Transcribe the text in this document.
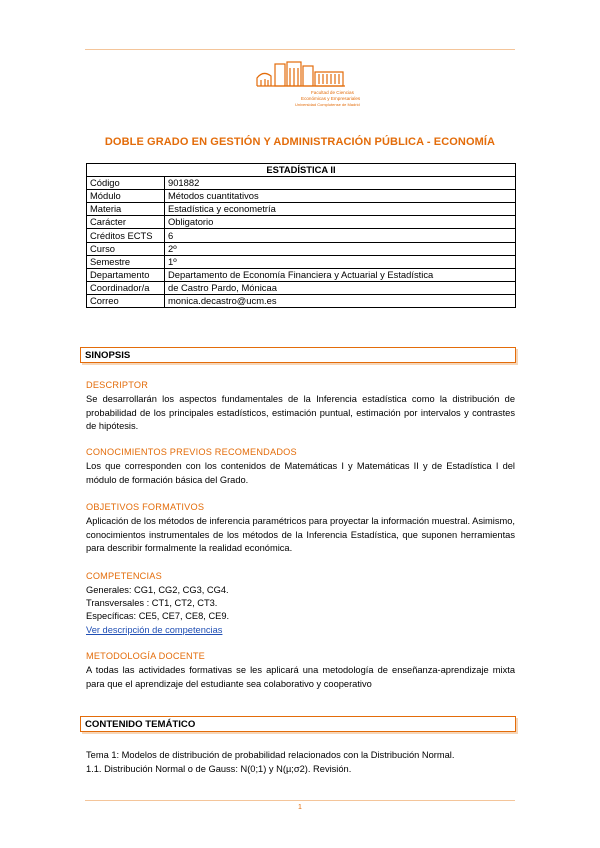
Facultad de Ciencias
Económicas y Empresariales
Universidad Complutense de Madrid
DOBLE GRADO EN GESTIÓN Y ADMINISTRACIÓN PÚBLICA - ECONOMÍA
ESTADÍSTICA II	
Código	901882
Módulo	Métodos cuantitativos
Materia	Estadística y econometría
Carácter	Obligatorio
Créditos ECTS	6
Curso	2º
Semestre	1º
Departamento	Departamento de Economía Financiera y Actuarial y Estadística
Coordinador/a	de Castro Pardo, Mónicaa
Correo	monica.decastro@ucm.es
SINOPSIS
DESCRIPTOR
Se desarrollarán los aspectos fundamentales de la Inferencia estadística como la distribución de probabilidad de los principales estadísticos, estimación puntual, estimación por intervalos y contrastes de hipótesis.
CONOCIMIENTOS PREVIOS RECOMENDADOS
Los que corresponden con los contenidos de Matemáticas I y Matemáticas II y de Estadística I del módulo de formación básica del Grado.
OBJETIVOS FORMATIVOS
Aplicación de los métodos de inferencia paramétricos para proyectar la información muestral. Asimismo, conocimientos instrumentales de los métodos de la Inferencia Estadística, que suponen herramientas para describir formalmente la realidad económica.
COMPETENCIAS
Generales: CG1, CG2, CG3, CG4.
Transversales : CT1, CT2, CT3.
Específicas: CE5, CE7, CE8, CE9.
Ver descripción de competencias
METODOLOGÍA DOCENTE
A todas las actividades formativas se les aplicará una metodología de enseñanza-aprendizaje mixta para que el aprendizaje del estudiante sea colaborativo y cooperativo
CONTENIDO TEMÁTICO
Tema 1: Modelos de distribución de probabilidad relacionados con la Distribución Normal.
1.1. Distribución Normal o de Gauss: N(0;1) y N(µ;σ2). Revisión.
1
